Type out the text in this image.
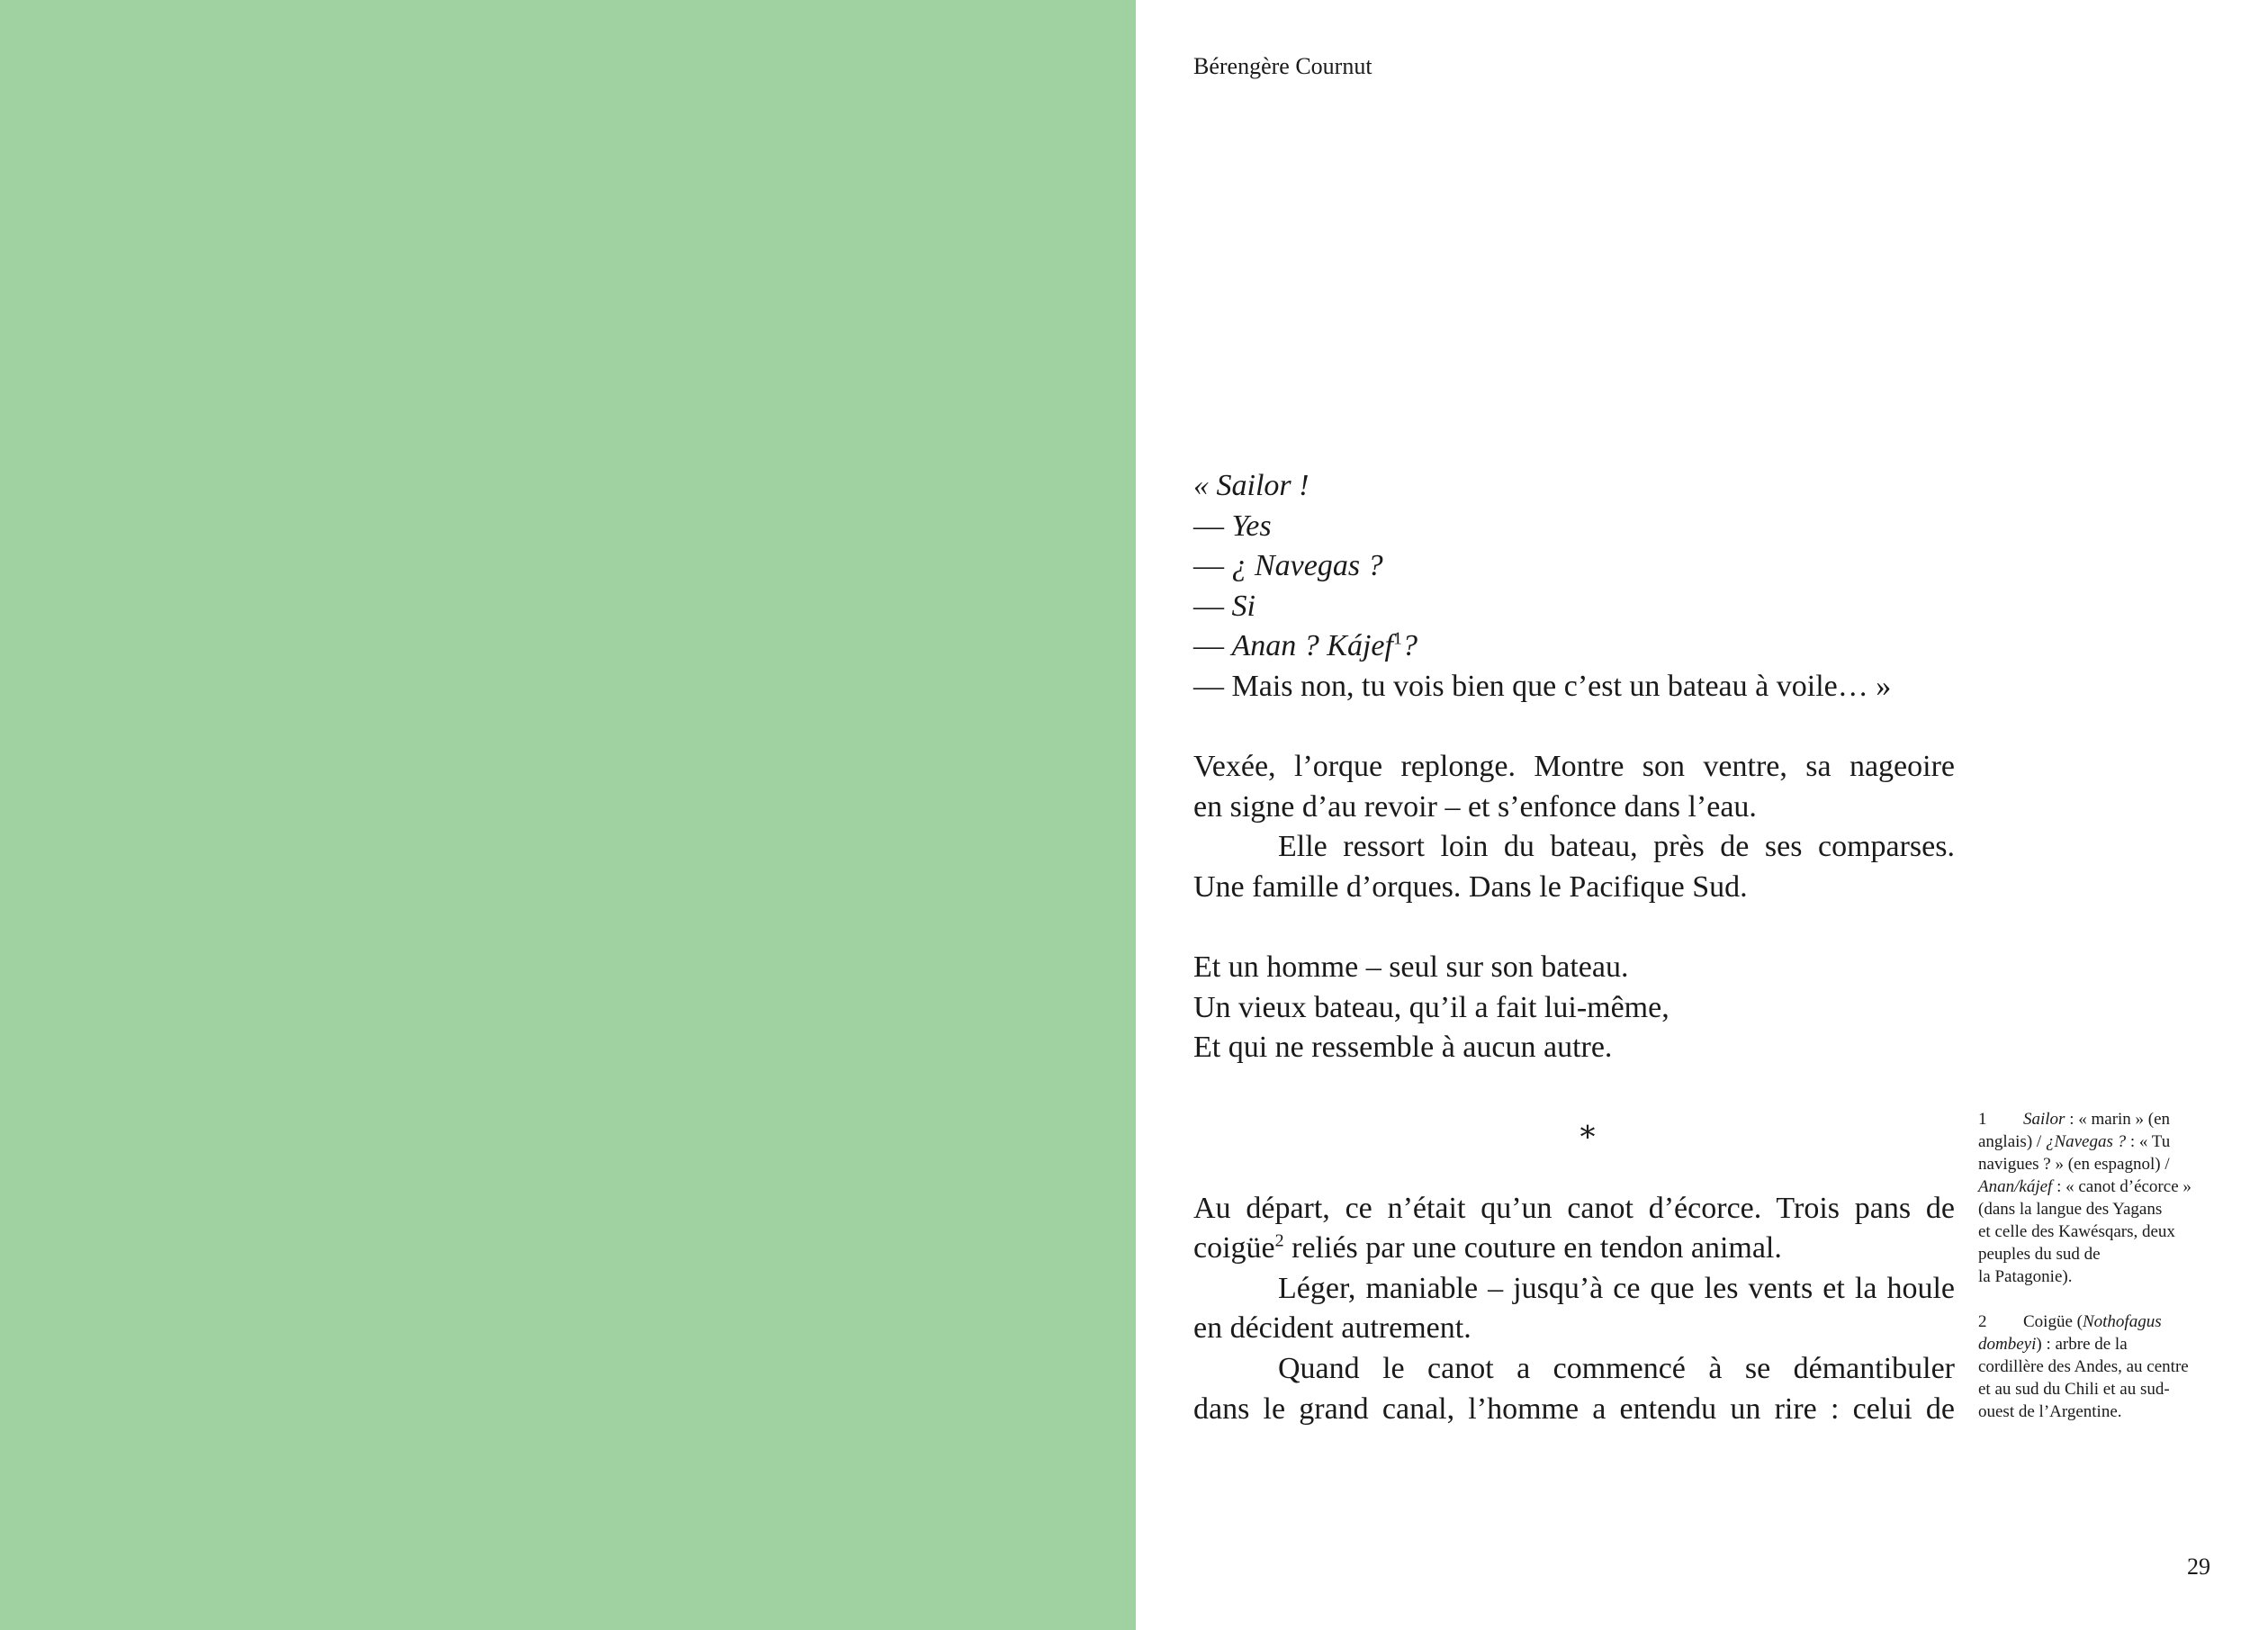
Bérengère Cournut
« Sailor !
— Yes
— ¿ Navegas ?
— Si
— Anan ? Kájef$^1$?
— Mais non, tu vois bien que c’est un bateau à voile… »
Vexée, l’orque replonge. Montre son ventre, sa nageoire
en signe d’au revoir – et s’enfonce dans l’eau.
Elle ressort loin du bateau, près de ses comparses.
Une famille d’orques. Dans le Pacifique Sud.
Et un homme – seul sur son bateau.
Un vieux bateau, qu’il a fait lui-même,
Et qui ne ressemble à aucun autre.
⁎
Au départ, ce n’était qu’un canot d’écorce. Trois pans de
coigüe$^2$ reliés par une couture en tendon animal.
Léger, maniable – jusqu’à ce que les vents et la houle
en décident autrement.
Quand le canot a commencé à se démantibuler
dans le grand canal, l’homme a entendu un rire : celui de
1 Sailor : « marin » (en
anglais) / ¿Navegas ? : « Tu
navigues ? » (en espagnol) /
Anan/kájef : « canot d’écorce »
(dans la langue des Yagans
et celle des Kawésqars, deux
peuples du sud de
la Patagonie).
2 Coigüe (Nothofagus
dombeyi) : arbre de la
cordillère des Andes, au centre
et au sud du Chili et au sud-
ouest de l’Argentine.
29
